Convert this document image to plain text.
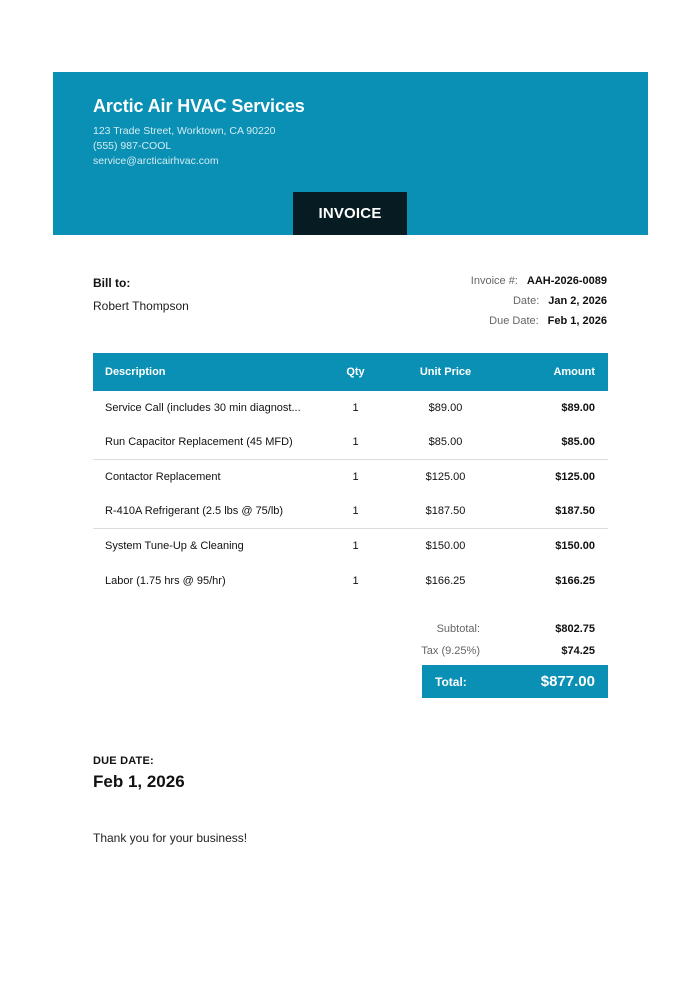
Arctic Air HVAC Services
123 Trade Street, Worktown, CA 90220
(555) 987-COOL
service@arcticairhvac.com
INVOICE
Bill to:
Robert Thompson
Invoice #: AAH-2026-0089
Date: Jan 2, 2026
Due Date: Feb 1, 2026
Description	Qty	Unit Price	Amount
Service Call (includes 30 min diagnost...	1	$89.00	$89.00
Run Capacitor Replacement (45 MFD)	1	$85.00	$85.00
Contactor Replacement	1	$125.00	$125.00
R-410A Refrigerant (2.5 lbs @ 75/lb)	1	$187.50	$187.50
System Tune-Up & Cleaning	1	$150.00	$150.00
Labor (1.75 hrs @ 95/hr)	1	$166.25	$166.25
Subtotal:	$802.75
Tax (9.25%)	$74.25
Total:	$877.00
DUE DATE:
Feb 1, 2026
Thank you for your business!
